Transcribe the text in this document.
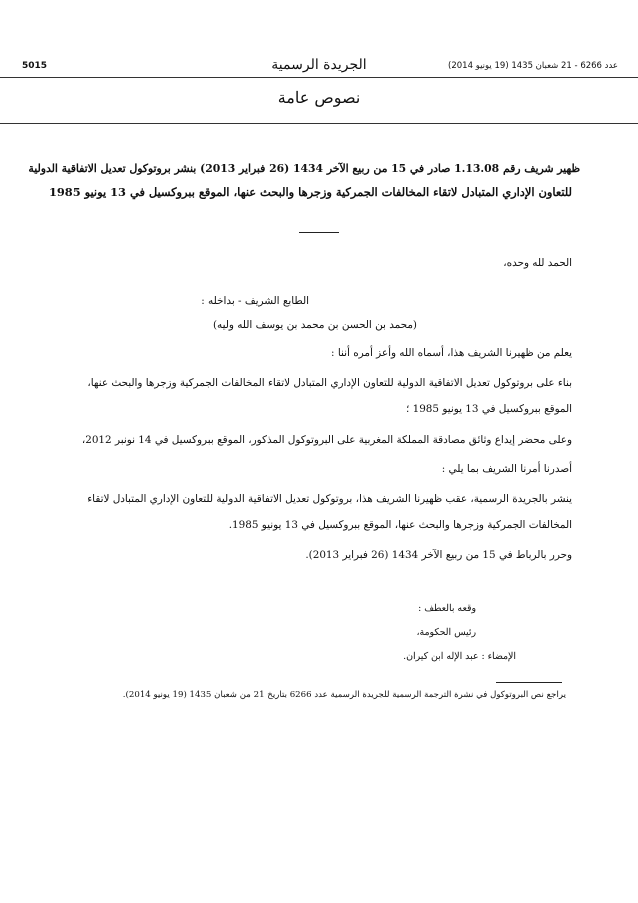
5015	الجريدة الرسمية	عدد 6266 - 21 شعبان 1435 (19 يونيو 2014)
نصوص عامة
ظهير شريف رقم 1.13.08 صادر في 15 من ربيع الآخر 1434 (26 فبراير 2013) بنشر بروتوكول تعديل الاتفاقية الدولية
للتعاون الإداري المتبادل لاتقاء المخالفات الجمركية وزجرها والبحث عنها، الموقع ببروكسيل في 13 يونيو 1985
الحمد لله وحده،
الطابع الشريف - بداخله :
(محمد بن الحسن بن محمد بن يوسف الله وليه)
يعلم من ظهيرنا الشريف هذا، أسماه الله وأعز أمره أننا :
بناء على بروتوكول تعديل الاتفاقية الدولية للتعاون الإداري المتبادل لاتقاء المخالفات الجمركية وزجرها والبحث عنها،
الموقع ببروكسيل في 13 يونيو 1985 ؛
وعلى محضر إيداع وثائق مصادقة المملكة المغربية على البروتوكول المذكور، الموقع ببروكسيل في 14 نونبر 2012،
أصدرنا أمرنا الشريف بما يلي :
ينشر بالجريدة الرسمية، عقب ظهيرنا الشريف هذا، بروتوكول تعديل الاتفاقية الدولية للتعاون الإداري المتبادل لاتقاء
المخالفات الجمركية وزجرها والبحث عنها، الموقع ببروكسيل في 13 يونيو 1985.
وحرر بالرباط في 15 من ربيع الآخر 1434 (26 فبراير 2013).
وقعه بالعطف :
رئيس الحكومة،
الإمضاء : عبد الإله ابن كيران.
يراجع نص البروتوكول في نشرة الترجمة الرسمية للجريدة الرسمية عدد 6266 بتاريخ 21 من شعبان 1435 (19 يونيو 2014).
